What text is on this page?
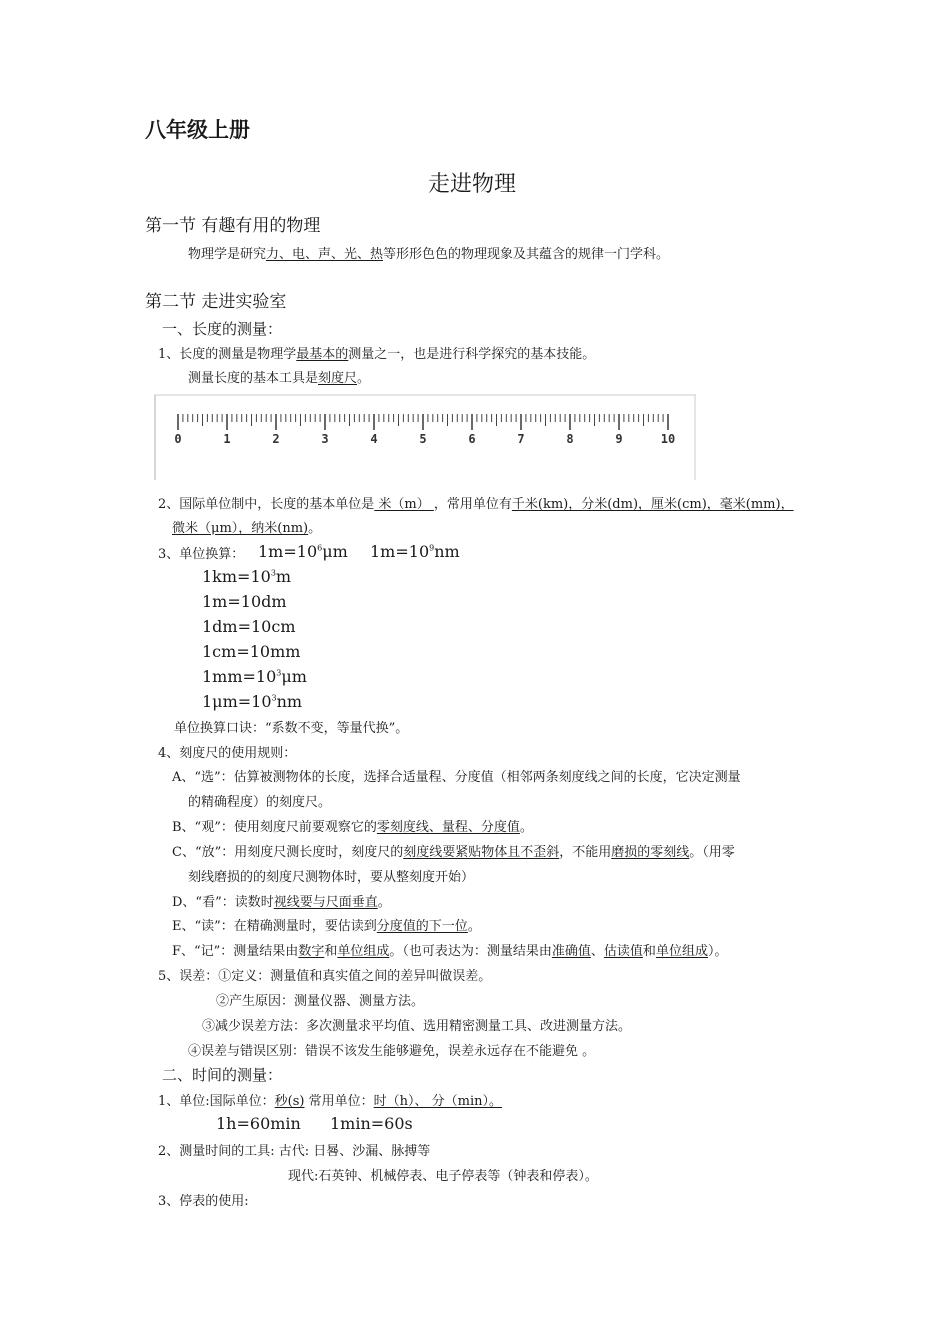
八年级上册
走进物理
第一节 有趣有用的物理
物理学是研究力、电、声、光、热等形形色色的物理现象及其蕴含的规律一门学科。
第二节 走进实验室
一、长度的测量：
1、长度的测量是物理学最基本的测量之一，也是进行科学探究的基本技能。
测量长度的基本工具是刻度尺。
0	1	2	3	4	5	6	7	8	9	10
2、国际单位制中，长度的基本单位是 米（m） ，常用单位有千米(km)，分米(dm)，厘米(cm)，毫米(mm)，
微米（μm），纳米(nm)。
3、单位换算： $1m=10^6\mu m$ $1m=10^9nm$
$1km=10^3m$
1m=10dm
1dm=10cm
1cm=10mm
$1mm=10^3\mu m$
$1\mu m=10^3nm$
单位换算口诀：“系数不变，等量代换”。
4、刻度尺的使用规则：
A、“选”：估算被测物体的长度，选择合适量程、分度值（相邻两条刻度线之间的长度，它决定测量
的精确程度）的刻度尺。
B、“观”：使用刻度尺前要观察它的零刻度线、量程、分度值。
C、“放”：用刻度尺测长度时，刻度尺的刻度线要紧贴物体且不歪斜，不能用磨损的零刻线。（用零
刻线磨损的的刻度尺测物体时，要从整刻度开始）
D、“看”：读数时视线要与尺面垂直。
E、“读”：在精确测量时，要估读到分度值的下一位。
F、“记”：测量结果由数字和单位组成。（也可表达为：测量结果由准确值、估读值和单位组成）。
5、误差：①定义：测量值和真实值之间的差异叫做误差。
②产生原因：测量仪器、测量方法。
③减少误差方法：多次测量求平均值、选用精密测量工具、改进测量方法。
④误差与错误区别：错误不该发生能够避免，误差永远存在不能避免 。
二、时间的测量：
1、单位:国际单位：秒(s) 常用单位：时（h）、 分（min）。
1h=60min 1min=60s
2、测量时间的工具: 古代: 日晷、沙漏、脉搏等
现代:石英钟、机械停表、电子停表等（钟表和停表）。
3、停表的使用:
